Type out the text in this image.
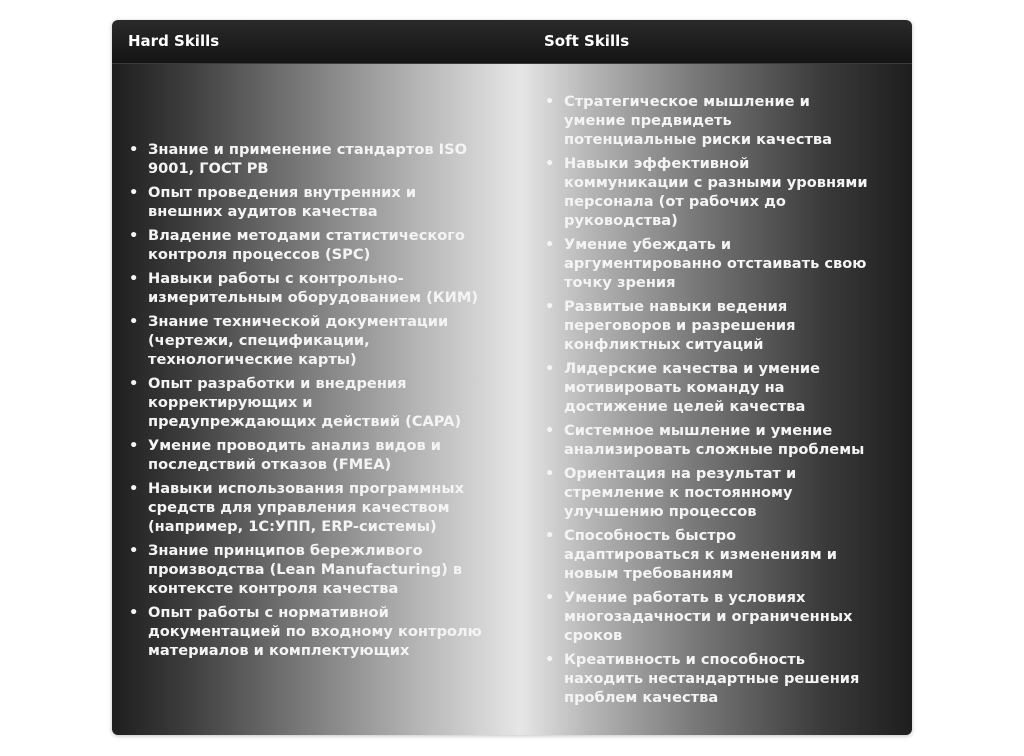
Hard Skills	Soft Skills
• Знание и применение стандартов ISO
9001, ГОСТ РВ
• Опыт проведения внутренних и
внешних аудитов качества
• Владение методами статистического
контроля процессов (SPC)
• Навыки работы с контрольно-
измерительным оборудованием (КИМ)
• Знание технической документации
(чертежи, спецификации,
технологические карты)
• Опыт разработки и внедрения
корректирующих и
предупреждающих действий (CAPA)
• Умение проводить анализ видов и
последствий отказов (FMEA)
• Навыки использования программных
средств для управления качеством
(например, 1С:УПП, ERP-системы)
• Знание принципов бережливого
производства (Lean Manufacturing) в
контексте контроля качества
• Опыт работы с нормативной
документацией по входному контролю
материалов и комплектующих
• Стратегическое мышление и
умение предвидеть
потенциальные риски качества
• Навыки эффективной
коммуникации с разными уровнями
персонала (от рабочих до
руководства)
• Умение убеждать и
аргументированно отстаивать свою
точку зрения
• Развитые навыки ведения
переговоров и разрешения
конфликтных ситуаций
• Лидерские качества и умение
мотивировать команду на
достижение целей качества
• Системное мышление и умение
анализировать сложные проблемы
• Ориентация на результат и
стремление к постоянному
улучшению процессов
• Способность быстро
адаптироваться к изменениям и
новым требованиям
• Умение работать в условиях
многозадачности и ограниченных
сроков
• Креативность и способность
находить нестандартные решения
проблем качества
